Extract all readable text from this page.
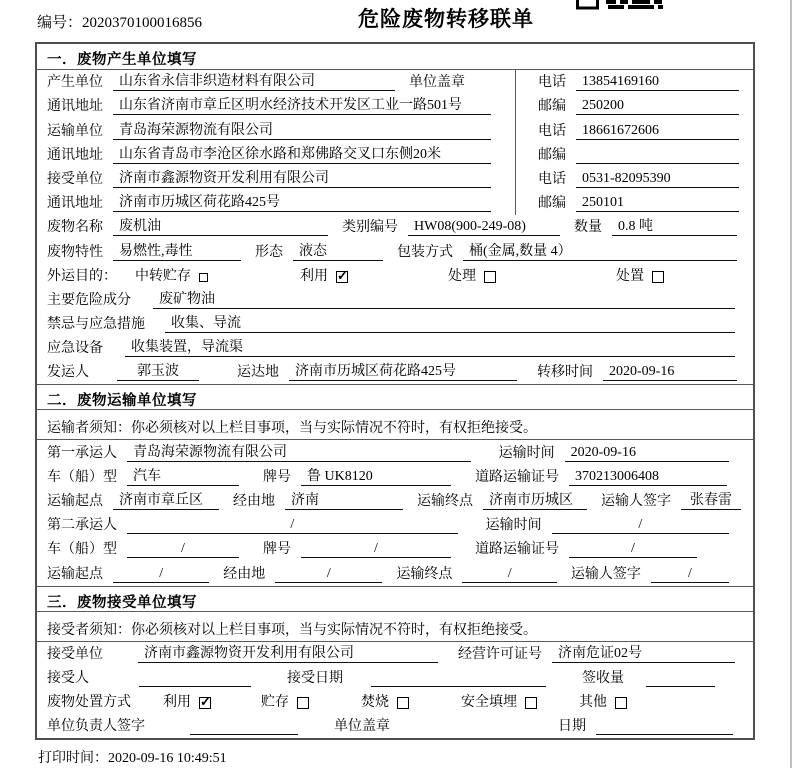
编号：2020370100016856	危险废物转移联单
一．废物产生单位填写
产生单位	山东省永信非织造材料有限公司	单位盖章	电话	13854169160
通讯地址	山东省济南市章丘区明水经济技术开发区工业一路501号	邮编	250200
运输单位	青岛海荣源物流有限公司	电话	18661672606
通讯地址	山东省青岛市李沧区徐水路和郑佛路交叉口东侧20米	邮编
接受单位	济南市鑫源物资开发利用有限公司	电话	0531-82095390
通讯地址	济南市历城区荷花路425号	邮编	250101
废物名称	废机油	类别编号	HW08(900-249-08)	数量	0.8 吨
废物特性	易燃性,毒性	形态	液态	包装方式	桶(金属,数量 4）
外运目的： 中转贮存	利用 ✓	处理	处置
主要危险成分	废矿物油
禁忌与应急措施	收集、导流
应急设备	收集装置，导流渠
发运人	郭玉波	运达地	济南市历城区荷花路425号	转移时间	2020-09-16
二．废物运输单位填写
运输者须知：你必须核对以上栏目事项，当与实际情况不符时，有权拒绝接受。
第一承运人	青岛海荣源物流有限公司	运输时间	2020-09-16
车（船）型	汽车	牌号	鲁 UK8120	道路运输证号	370213006408
运输起点	济南市章丘区	经由地	济南	运输终点	济南市历城区	运输人签字	张春雷
第二承运人	/	运输时间	/
车（船）型	/	牌号	/	道路运输证号	/
运输起点	/	经由地	/	运输终点	/	运输人签字	/
三．废物接受单位填写
接受者须知：你必须核对以上栏目事项，当与实际情况不符时，有权拒绝接受。
接受单位	济南市鑫源物资开发利用有限公司	经营许可证号	济南危证02号
接受人	接受日期	签收量
废物处置方式 利用 ✓	贮存	焚烧	安全填埋	其他
单位负责人签字	单位盖章	日期
打印时间：2020-09-16 10:49:51
